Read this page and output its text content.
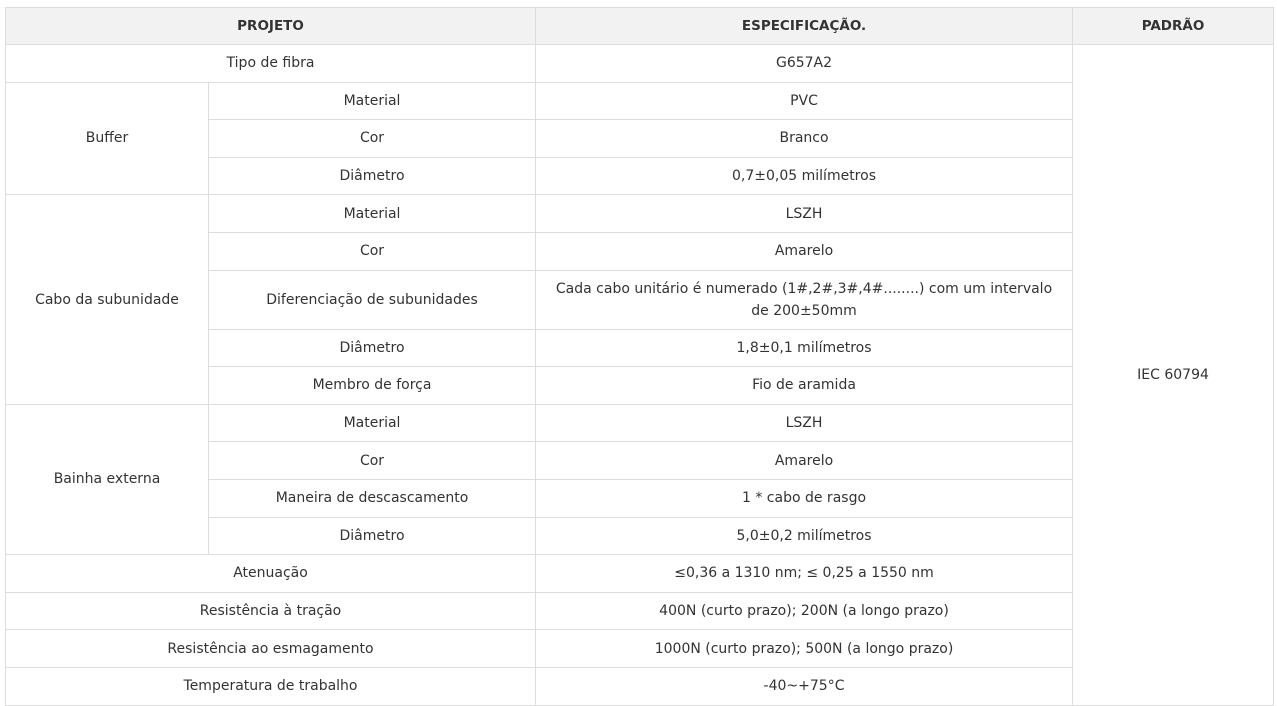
PROJETO		ESPECIFICAÇÃO.	PADRÃO
Tipo de fibra		G657A2	IEC 60794
Buffer	Material	PVC	
	Cor	Branco	
	Diâmetro	0,7±0,05 milímetros	
Cabo da subunidade	Material	LSZH	
	Cor	Amarelo	
	Diferenciação de subunidades	Cada cabo unitário é numerado (1#,2#,3#,4#........) com um intervalo de 200±50mm	
	Diâmetro	1,8±0,1 milímetros	
	Membro de força	Fio de aramida	
Bainha externa	Material	LSZH	
	Cor	Amarelo	
	Maneira de descascamento	1 * cabo de rasgo	
	Diâmetro	5,0±0,2 milímetros	
Atenuação		≤0,36 a 1310 nm; ≤ 0,25 a 1550 nm	
Resistência à tração		400N (curto prazo); 200N (a longo prazo)	
Resistência ao esmagamento		1000N (curto prazo); 500N (a longo prazo)	
Temperatura de trabalho		-40~+75°C	
